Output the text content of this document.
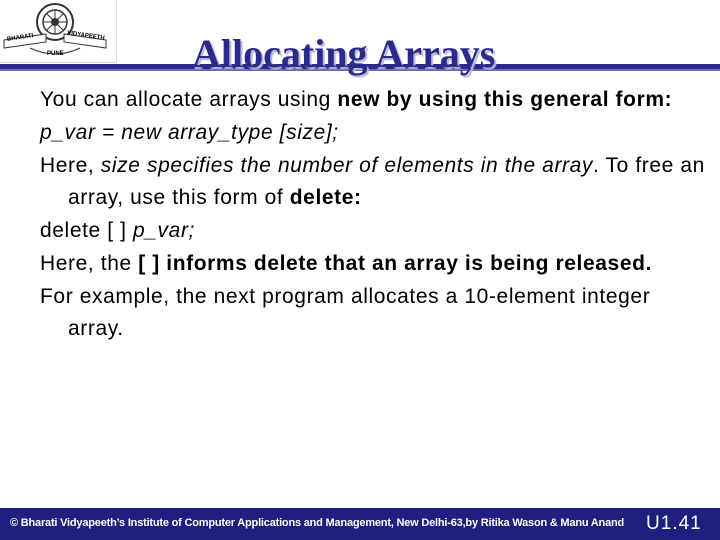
BHARATI	VIDYAPEETH
PUNE	Allocating Arrays

You can allocate arrays using new by using this general form:

p_var = new array_type [size];

Here, size specifies the number of elements in the array. To free an array, use this form of delete:

delete [ ] p_var;

Here, the [ ] informs delete that an array is being released.

For example, the next program allocates a 10-element integer array.

© Bharati Vidyapeeth’s Institute of Computer Applications and Management, New Delhi-63,by Ritika Wason & Manu Anand U1.41
